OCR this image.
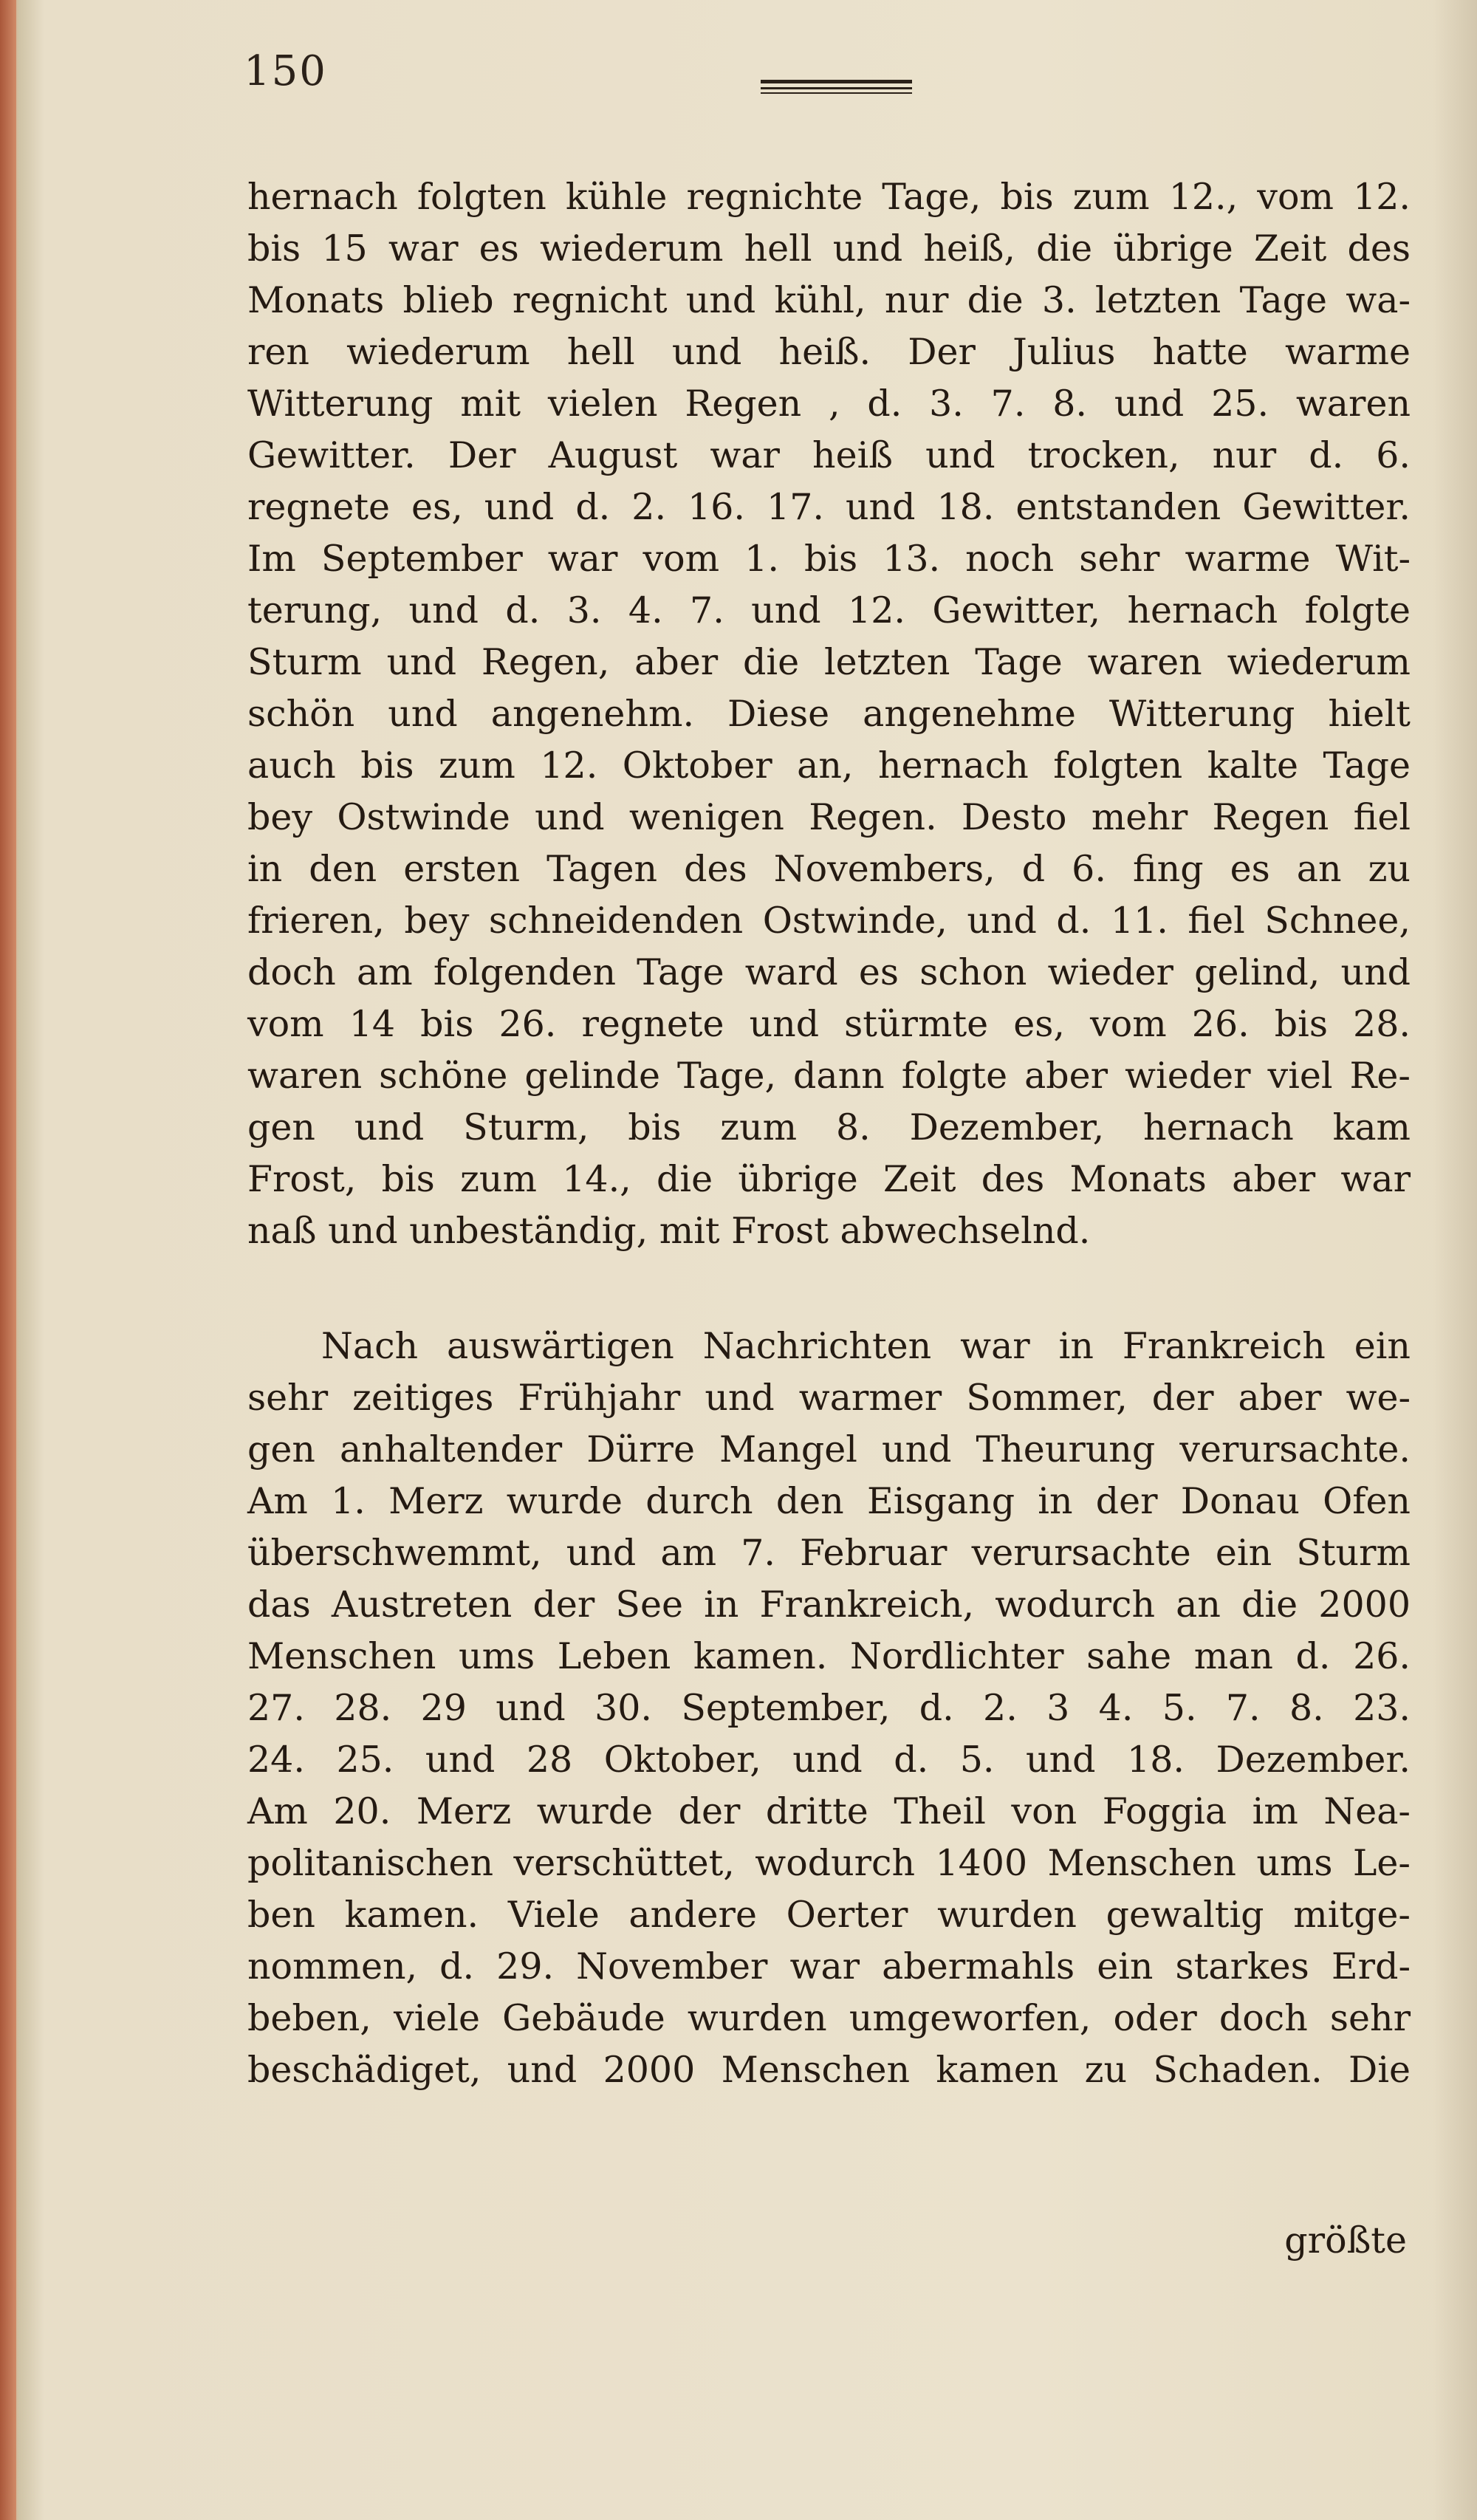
150
hernach folgten kühle regnichte Tage, bis zum 12., vom 12.
bis 15 war es wiederum hell und heiß, die übrige Zeit des
Monats blieb regnicht und kühl, nur die 3. letzten Tage wa-
ren wiederum hell und heiß. Der Julius hatte warme
Witterung mit vielen Regen , d. 3. 7. 8. und 25. waren
Gewitter. Der August war heiß und trocken, nur d. 6.
regnete es, und d. 2. 16. 17. und 18. entstanden Gewitter.
Im September war vom 1. bis 13. noch sehr warme Wit-
terung, und d. 3. 4. 7. und 12. Gewitter, hernach folgte
Sturm und Regen, aber die letzten Tage waren wiederum
schön und angenehm. Diese angenehme Witterung hielt
auch bis zum 12. Oktober an, hernach folgten kalte Tage
bey Ostwinde und wenigen Regen. Desto mehr Regen fiel
in den ersten Tagen des Novembers, d 6. fing es an zu
frieren, bey schneidenden Ostwinde, und d. 11. fiel Schnee,
doch am folgenden Tage ward es schon wieder gelind, und
vom 14 bis 26. regnete und stürmte es, vom 26. bis 28.
waren schöne gelinde Tage, dann folgte aber wieder viel Re-
gen und Sturm, bis zum 8. Dezember, hernach kam
Frost, bis zum 14., die übrige Zeit des Monats aber war
naß und unbeständig, mit Frost abwechselnd.
Nach auswärtigen Nachrichten war in Frankreich ein
sehr zeitiges Frühjahr und warmer Sommer, der aber we-
gen anhaltender Dürre Mangel und Theurung verursachte.
Am 1. Merz wurde durch den Eisgang in der Donau Ofen
überschwemmt, und am 7. Februar verursachte ein Sturm
das Austreten der See in Frankreich, wodurch an die 2000
Menschen ums Leben kamen. Nordlichter sahe man d. 26.
27. 28. 29 und 30. September, d. 2. 3 4. 5. 7. 8. 23.
24. 25. und 28 Oktober, und d. 5. und 18. Dezember.
Am 20. Merz wurde der dritte Theil von Foggia im Nea-
politanischen verschüttet, wodurch 1400 Menschen ums Le-
ben kamen. Viele andere Oerter wurden gewaltig mitge-
nommen, d. 29. November war abermahls ein starkes Erd-
beben, viele Gebäude wurden umgeworfen, oder doch sehr
beschädiget, und 2000 Menschen kamen zu Schaden. Die
größte
